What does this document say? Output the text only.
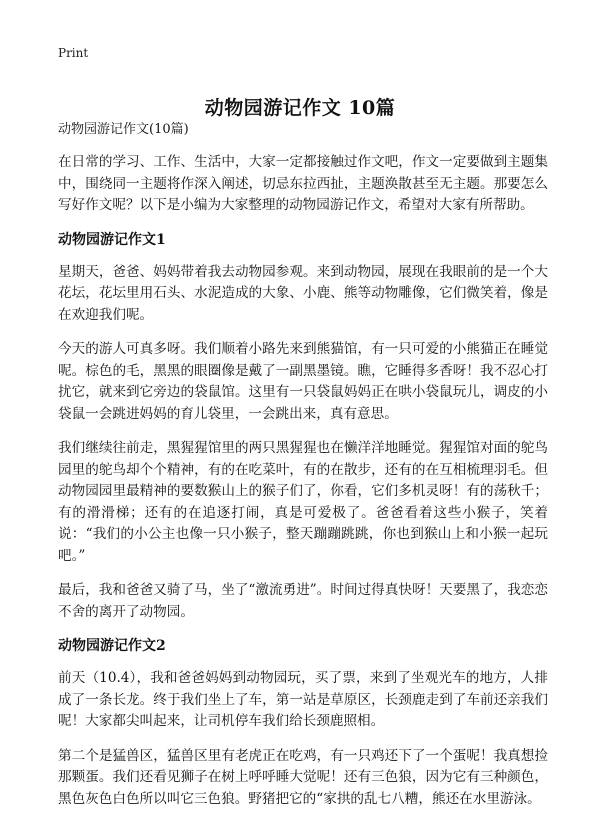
Print
动物园游记作文 10篇
动物园游记作文(10篇)

在日常的学习、工作、生活中，大家一定都接触过作文吧，作文一定要做到主题集中，围绕同一主题将作深入阐述，切忌东拉西扯，主题涣散甚至无主题。那要怎么写好作文呢？以下是小编为大家整理的动物园游记作文，希望对大家有所帮助。

动物园游记作文1

星期天，爸爸、妈妈带着我去动物园参观。来到动物园，展现在我眼前的是一个大花坛，花坛里用石头、水泥造成的大象、小鹿、熊等动物雕像，它们微笑着，像是在欢迎我们呢。

今天的游人可真多呀。我们顺着小路先来到熊猫馆，有一只可爱的小熊猫正在睡觉呢。棕色的毛，黑黑的眼圈像是戴了一副黑墨镜。瞧，它睡得多香呀！我不忍心打扰它，就来到它旁边的袋鼠馆。这里有一只袋鼠妈妈正在哄小袋鼠玩儿，调皮的小袋鼠一会跳进妈妈的育儿袋里，一会跳出来，真有意思。

我们继续往前走，黑猩猩馆里的两只黑猩猩也在懒洋洋地睡觉。猩猩馆对面的鸵鸟园里的鸵鸟却个个精神，有的在吃菜叶，有的在散步，还有的在互相梳理羽毛。但动物园园里最精神的要数猴山上的猴子们了，你看，它们多机灵呀！有的荡秋千；有的滑滑梯；还有的在追逐打闹，真是可爱极了。爸爸看着这些小猴子，笑着说：“我们的小公主也像一只小猴子，整天蹦蹦跳跳，你也到猴山上和小猴一起玩吧。”

最后，我和爸爸又骑了马，坐了“激流勇进”。时间过得真快呀！天要黑了，我恋恋不舍的离开了动物园。

动物园游记作文2

前天（10.4），我和爸爸妈妈到动物园玩，买了票，来到了坐观光车的地方，人排成了一条长龙。终于我们坐上了车，第一站是草原区，长颈鹿走到了车前还亲我们呢！大家都尖叫起来，让司机停车我们给长颈鹿照相。

第二个是猛兽区，猛兽区里有老虎正在吃鸡，有一只鸡还下了一个蛋呢！我真想捡那颗蛋。我们还看见狮子在树上呼呼睡大觉呢！还有三色狼，因为它有三种颜色，黑色灰色白色所以叫它三色狼。野猪把它的“家拱的乱七八糟，熊还在水里游泳。
